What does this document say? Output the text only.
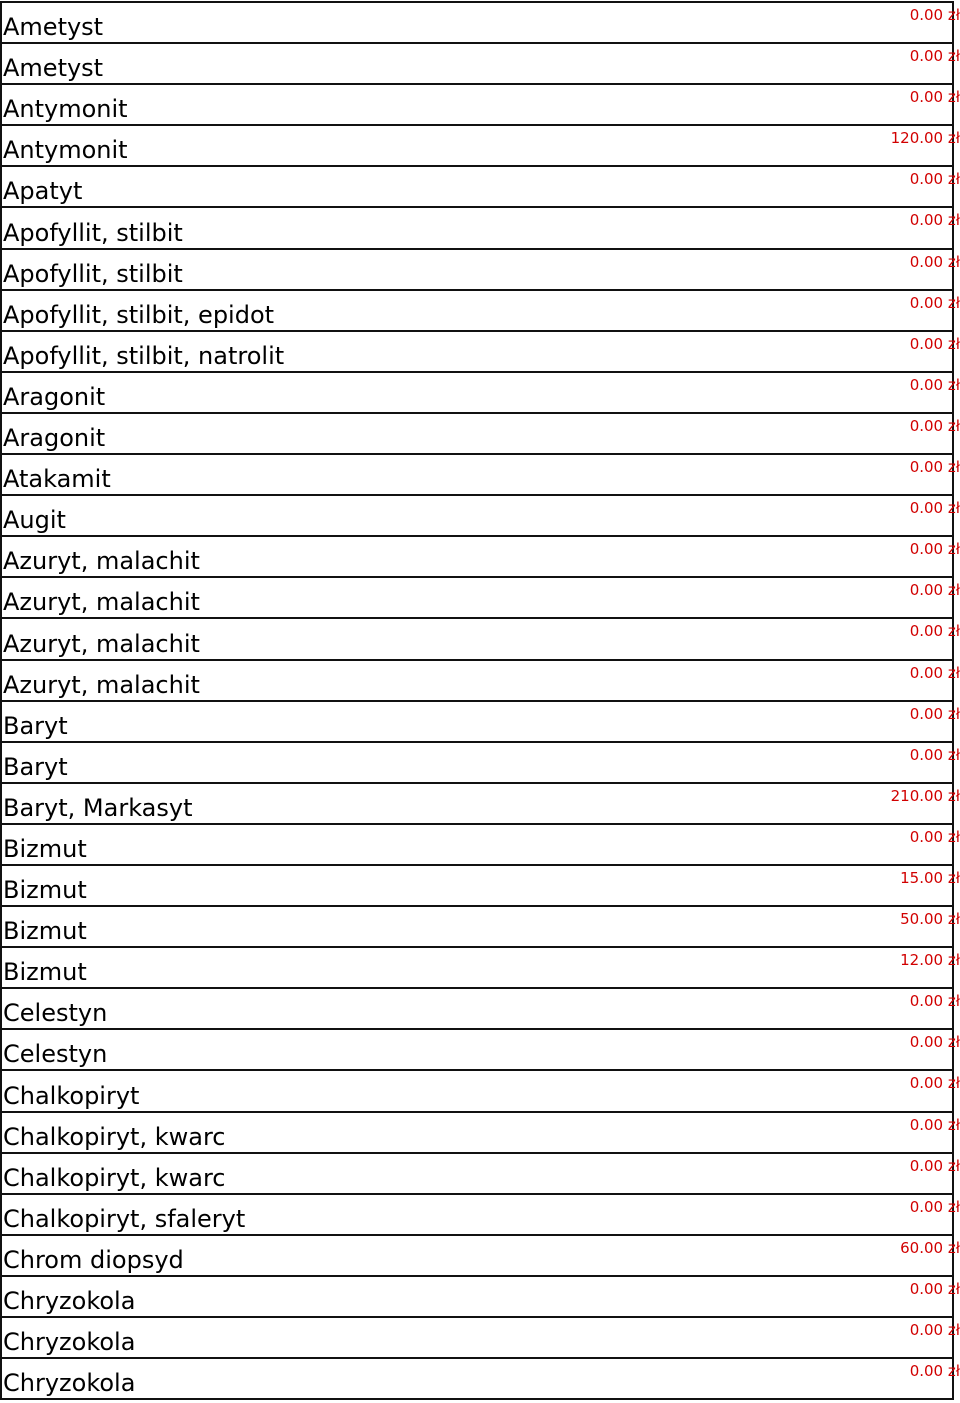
Ametyst	0.00 zł
Ametyst	0.00 zł
Antymonit	0.00 zł
Antymonit	120.00 zł
Apatyt	0.00 zł
Apofyllit, stilbit	0.00 zł
Apofyllit, stilbit	0.00 zł
Apofyllit, stilbit, epidot	0.00 zł
Apofyllit, stilbit, natrolit	0.00 zł
Aragonit	0.00 zł
Aragonit	0.00 zł
Atakamit	0.00 zł
Augit	0.00 zł
Azuryt, malachit	0.00 zł
Azuryt, malachit	0.00 zł
Azuryt, malachit	0.00 zł
Azuryt, malachit	0.00 zł
Baryt	0.00 zł
Baryt	0.00 zł
Baryt, Markasyt	210.00 zł
Bizmut	0.00 zł
Bizmut	15.00 zł
Bizmut	50.00 zł
Bizmut	12.00 zł
Celestyn	0.00 zł
Celestyn	0.00 zł
Chalkopiryt	0.00 zł
Chalkopiryt, kwarc	0.00 zł
Chalkopiryt, kwarc	0.00 zł
Chalkopiryt, sfaleryt	0.00 zł
Chrom diopsyd	60.00 zł
Chryzokola	0.00 zł
Chryzokola	0.00 zł
Chryzokola	0.00 zł
